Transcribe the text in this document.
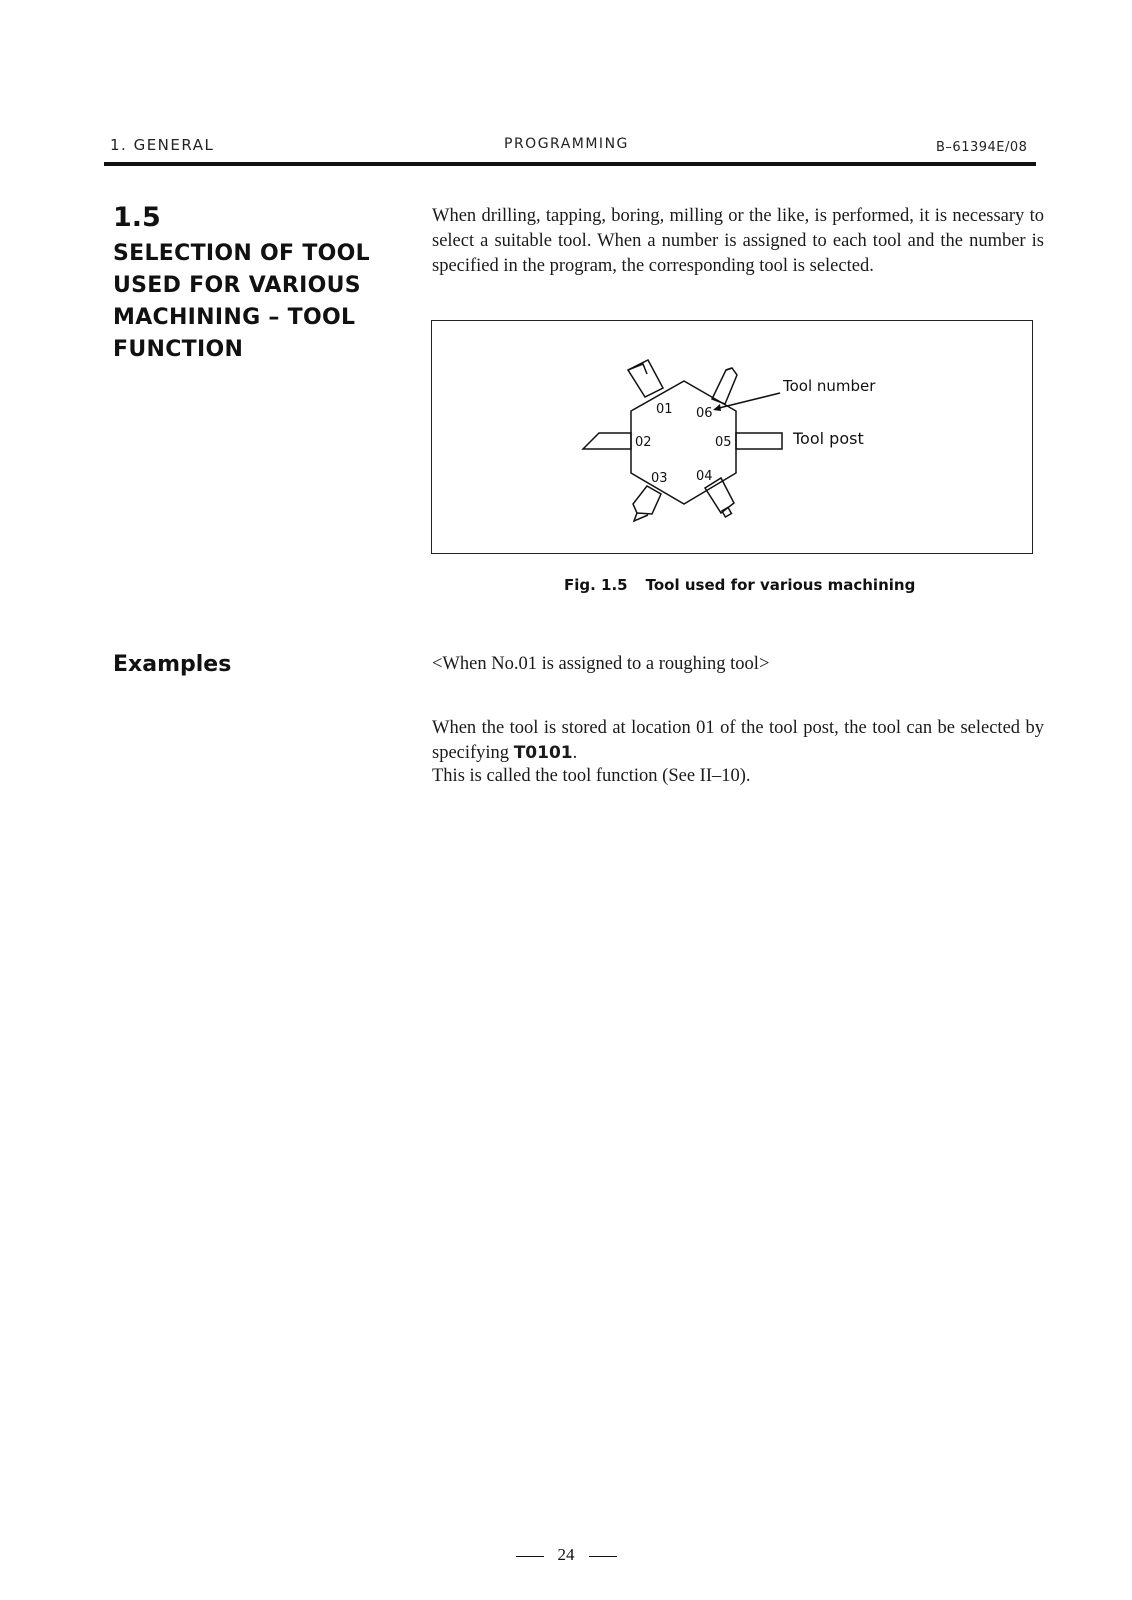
1. GENERAL	PROGRAMMING	B–61394E/08
1.5
SELECTION OF TOOL USED FOR VARIOUS MACHINING – TOOL FUNCTION
When drilling, tapping, boring, milling or the like, is performed, it is necessary to select a suitable tool. When a number is assigned to each tool and the number is specified in the program, the corresponding tool is selected.
01
02
03 04
05
06
Tool number
Tool post
Fig. 1.5 Tool used for various machining
Examples	<When No.01 is assigned to a roughing tool>
When the tool is stored at location 01 of the tool post, the tool can be selected by specifying T0101.
This is called the tool function (See II–10).
24
